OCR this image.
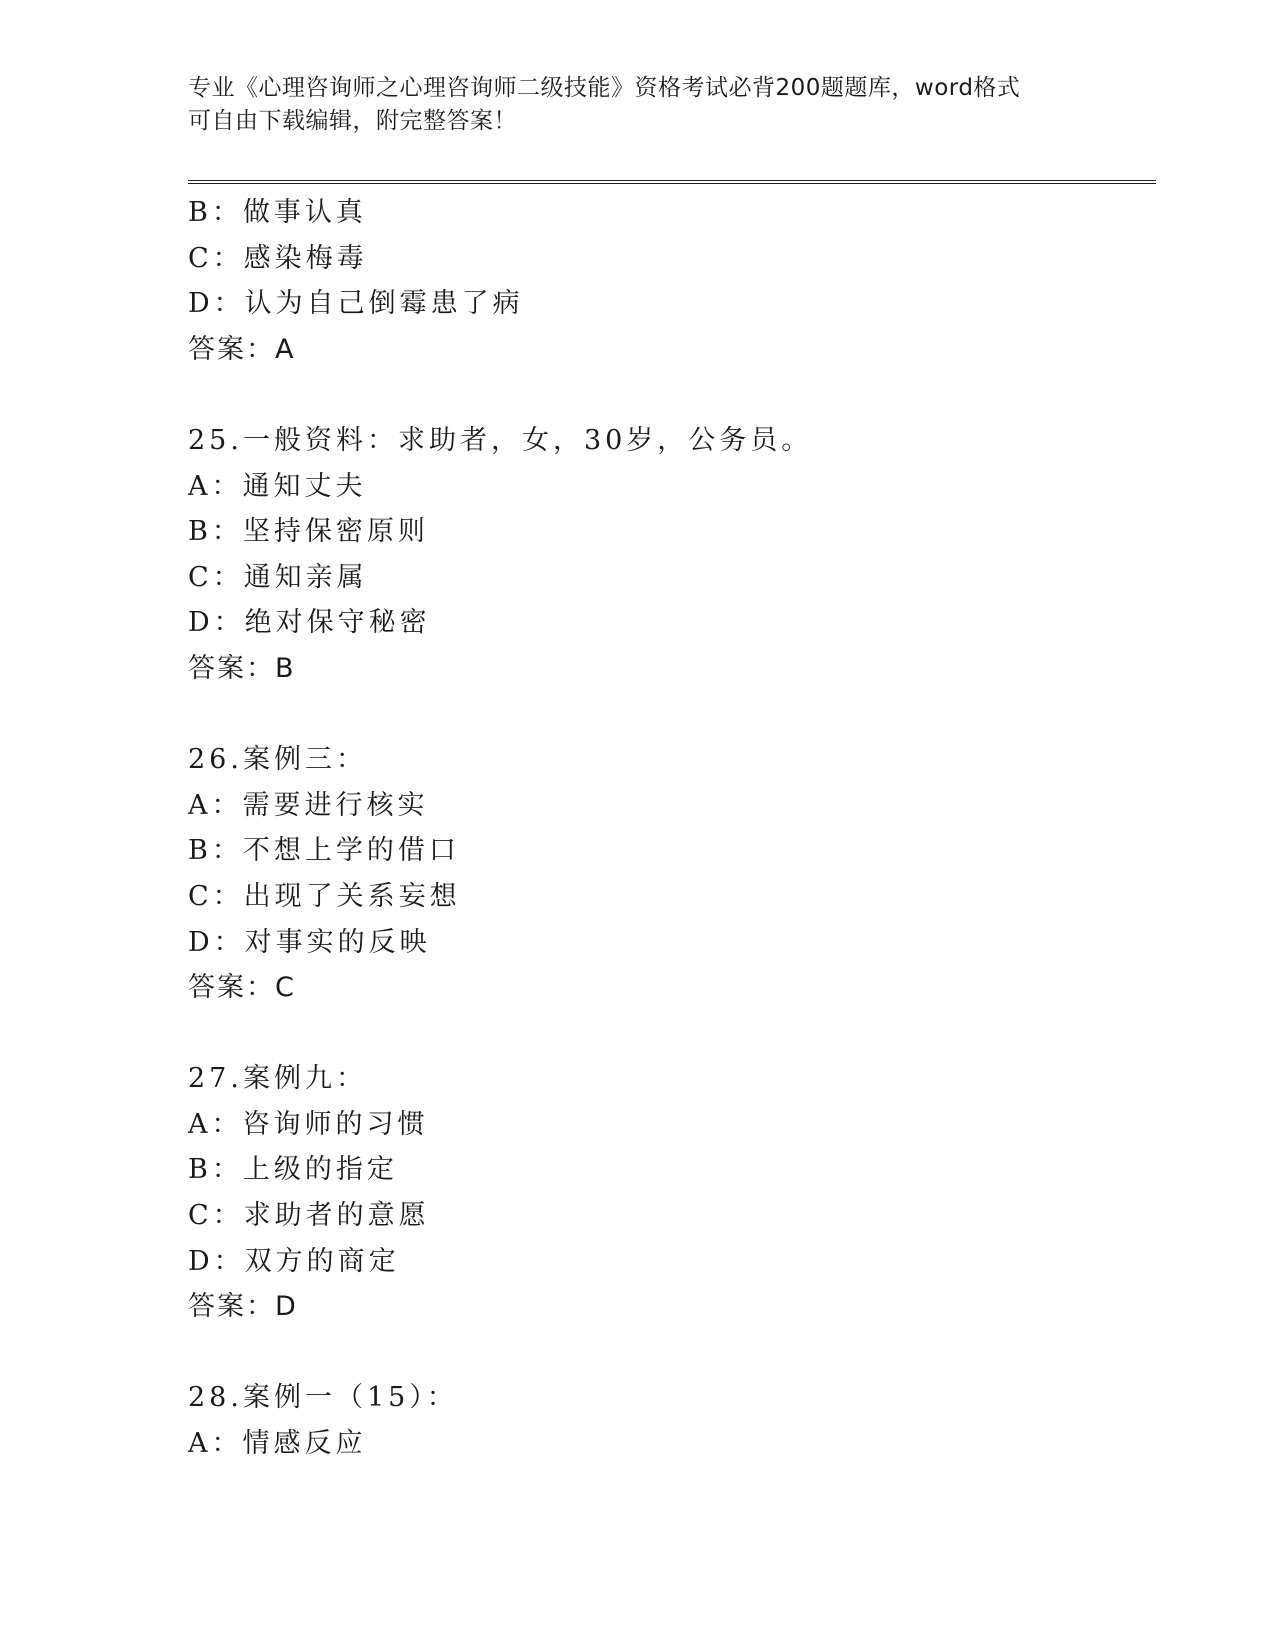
专业《心理咨询师之心理咨询师二级技能》资格考试必背200题题库，word格式
可自由下载编辑，附完整答案！
B：做事认真
C：感染梅毒
D：认为自己倒霉患了病
答案：A
25.一般资料：求助者，女，30岁，公务员。
A：通知丈夫
B：坚持保密原则
C：通知亲属
D：绝对保守秘密
答案：B
26.案例三：
A：需要进行核实
B：不想上学的借口
C：出现了关系妄想
D：对事实的反映
答案：C
27.案例九：
A：咨询师的习惯
B：上级的指定
C：求助者的意愿
D：双方的商定
答案：D
28.案例一（15）：
A：情感反应
